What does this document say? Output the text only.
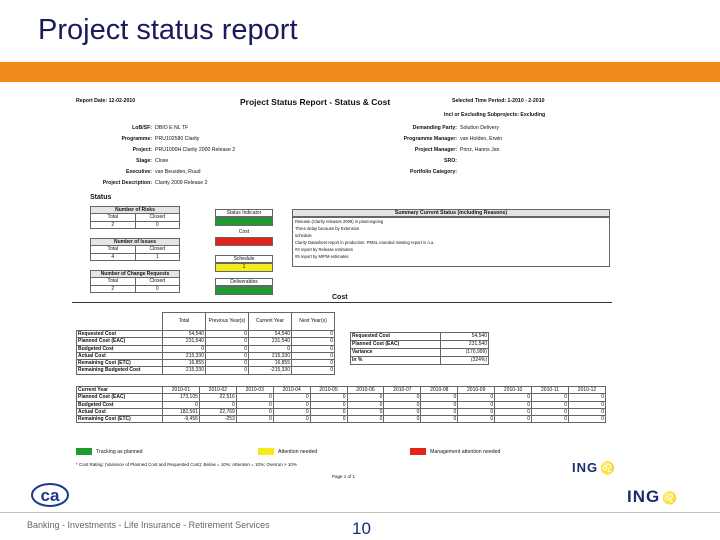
Project status report
Report Date: 12-02-2010	Project Status Report - Status & Cost	Selected Time Period: 1-2010 - 2-2010
Incl or Excluding Subprojects: Excluding
LoB/SF: DBIO E NL TF
Programme: PRU102580 Clarity
Project: PRU1000H Clarity 2000 Release 2
Stage: Close
Executive: van Beusden, Ruud
Project Description: Clarity 2009 Release 2
Demanding Party: Solution Delivery
Programme Manager: van Holden, Erwin
Project Manager: Prinz, Hanns Jan
SRO:
Portfolio Category:
Status
Number of Risks	
Total	Closed
2	0
Number of Issues	
Total	Closed
4	1
Number of Change Requests	
Total	Closed
2	0
Status Indicator
Cost
Schedule
1
Deliverables
Summary Current Status (including Reasons)
Release (Clarity releases 2009) in plan/ongoing
Three delay because by Extension
schedule
Clarity Datasheet report in production: PMSL rounded missing report in n.a.
#3 report by Release estimates
#5 report by MIPM estimates
Cost
	Total	Previous Year(s)	Current Year	Next Year(s)
Requested Cost	54,540	0	54,540	0
Planned Cost (EAC)	231,540	0	231,540	0
Budgeted Cost	0	0	0	0
Actual Cost	215,330	0	215,330	0
Remaining Cost (ETC)	16,855	0	16,855	0
Remaining Budgeted Cost	215,330	0	-215,330	0
Requested Cost	54,540
Planned Cost (EAC)	231,540
Variance	(176,999)
In %	(324%)
Current Year	2010-01	2010-02	2010-03	2010-04	2010-05	2010-06	2010-07	2010-08	2010-09	2010-10	2010-11	2010-12
Planned Cost (EAC)	173,105	22,516	0	0	0	0	0	0	0	0	0	0
Budgeted Cost	0	0	0	0	0	0	0	0	0	0	0	0
Actual Cost	182,561	22,769	0	0	0	0	0	0	0	0	0	0
Remaining Cost (ETC)	-9,456	-253	0	0	0	0	0	0	0	0	0	0
Tracking as planned	Attention needed	Management attention needed
* Cost Rating: (Variance of Planned Cost and Requested Cost): Below = 10%; Attention = 10%; Overrun > 10%
Page 1 of 1
ING ♌
ca	ING ♌
Banking - Investments - Life Insurance - Retirement Services	10
